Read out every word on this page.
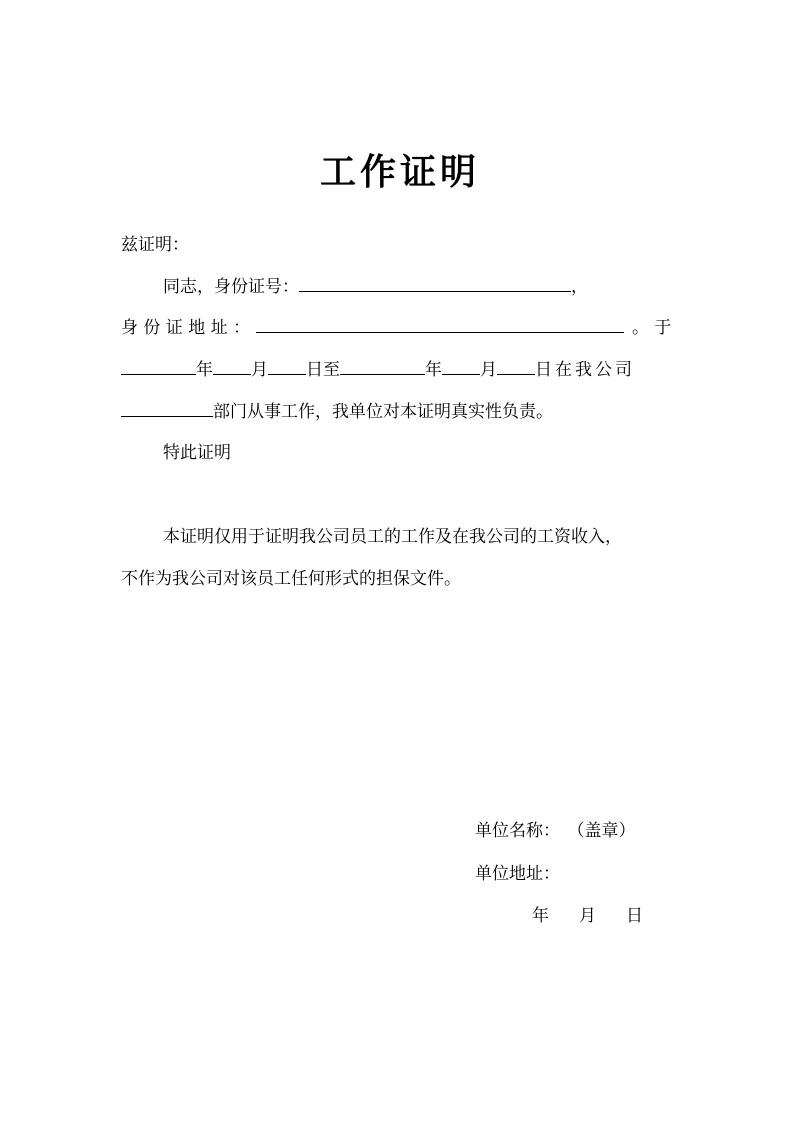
工作证明
兹证明：
同志，身份证号：	，
身 份 证 地 址 ：	。 于
年 月 日至	年 月 日在我公司
部门从事工作，我单位对本证明真实性负责。
特此证明
本证明仅用于证明我公司员工的工作及在我公司的工资收入，
不作为我公司对该员工任何形式的担保文件。
单位名称： （盖章）
单位地址：
年 月 日
